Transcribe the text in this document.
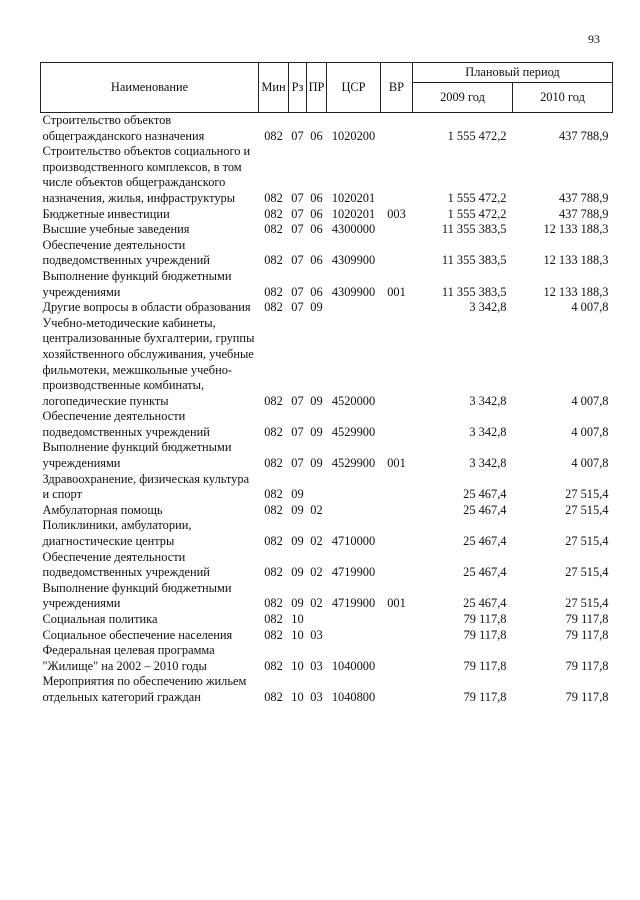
93
Наименование	Мин	Рз	ПР	ЦСР	ВР	Плановый период	
						2009 год	2010 год
Строительство объектов общегражданского назначения	082	07	06	1020200		1 555 472,2	437 788,9
Строительство объектов социального и производственного комплексов, в том числе объектов общегражданского назначения, жилья, инфраструктуры	082	07	06	1020201		1 555 472,2	437 788,9
Бюджетные инвестиции	082	07	06	1020201	003	1 555 472,2	437 788,9
Высшие учебные заведения	082	07	06	4300000		11 355 383,5	12 133 188,3
Обеспечение деятельности подведомственных учреждений	082	07	06	4309900		11 355 383,5	12 133 188,3
Выполнение функций бюджетными учреждениями	082	07	06	4309900	001	11 355 383,5	12 133 188,3
Другие вопросы в области образования	082	07	09			3 342,8	4 007,8
Учебно-методические кабинеты, централизованные бухгалтерии, группы хозяйственного обслуживания, учебные фильмотеки, межшкольные учебно-производственные комбинаты, логопедические пункты	082	07	09	4520000		3 342,8	4 007,8
Обеспечение деятельности подведомственных учреждений	082	07	09	4529900		3 342,8	4 007,8
Выполнение функций бюджетными учреждениями	082	07	09	4529900	001	3 342,8	4 007,8
Здравоохранение, физическая культура и спорт	082	09				25 467,4	27 515,4
Амбулаторная помощь	082	09	02			25 467,4	27 515,4
Поликлиники, амбулатории, диагностические центры	082	09	02	4710000		25 467,4	27 515,4
Обеспечение деятельности подведомственных учреждений	082	09	02	4719900		25 467,4	27 515,4
Выполнение функций бюджетными учреждениями	082	09	02	4719900	001	25 467,4	27 515,4
Социальная политика	082	10				79 117,8	79 117,8
Социальное обеспечение населения	082	10	03			79 117,8	79 117,8
Федеральная целевая программа "Жилище" на 2002 – 2010 годы	082	10	03	1040000		79 117,8	79 117,8
Мероприятия по обеспечению жильем отдельных категорий граждан	082	10	03	1040800		79 117,8	79 117,8
